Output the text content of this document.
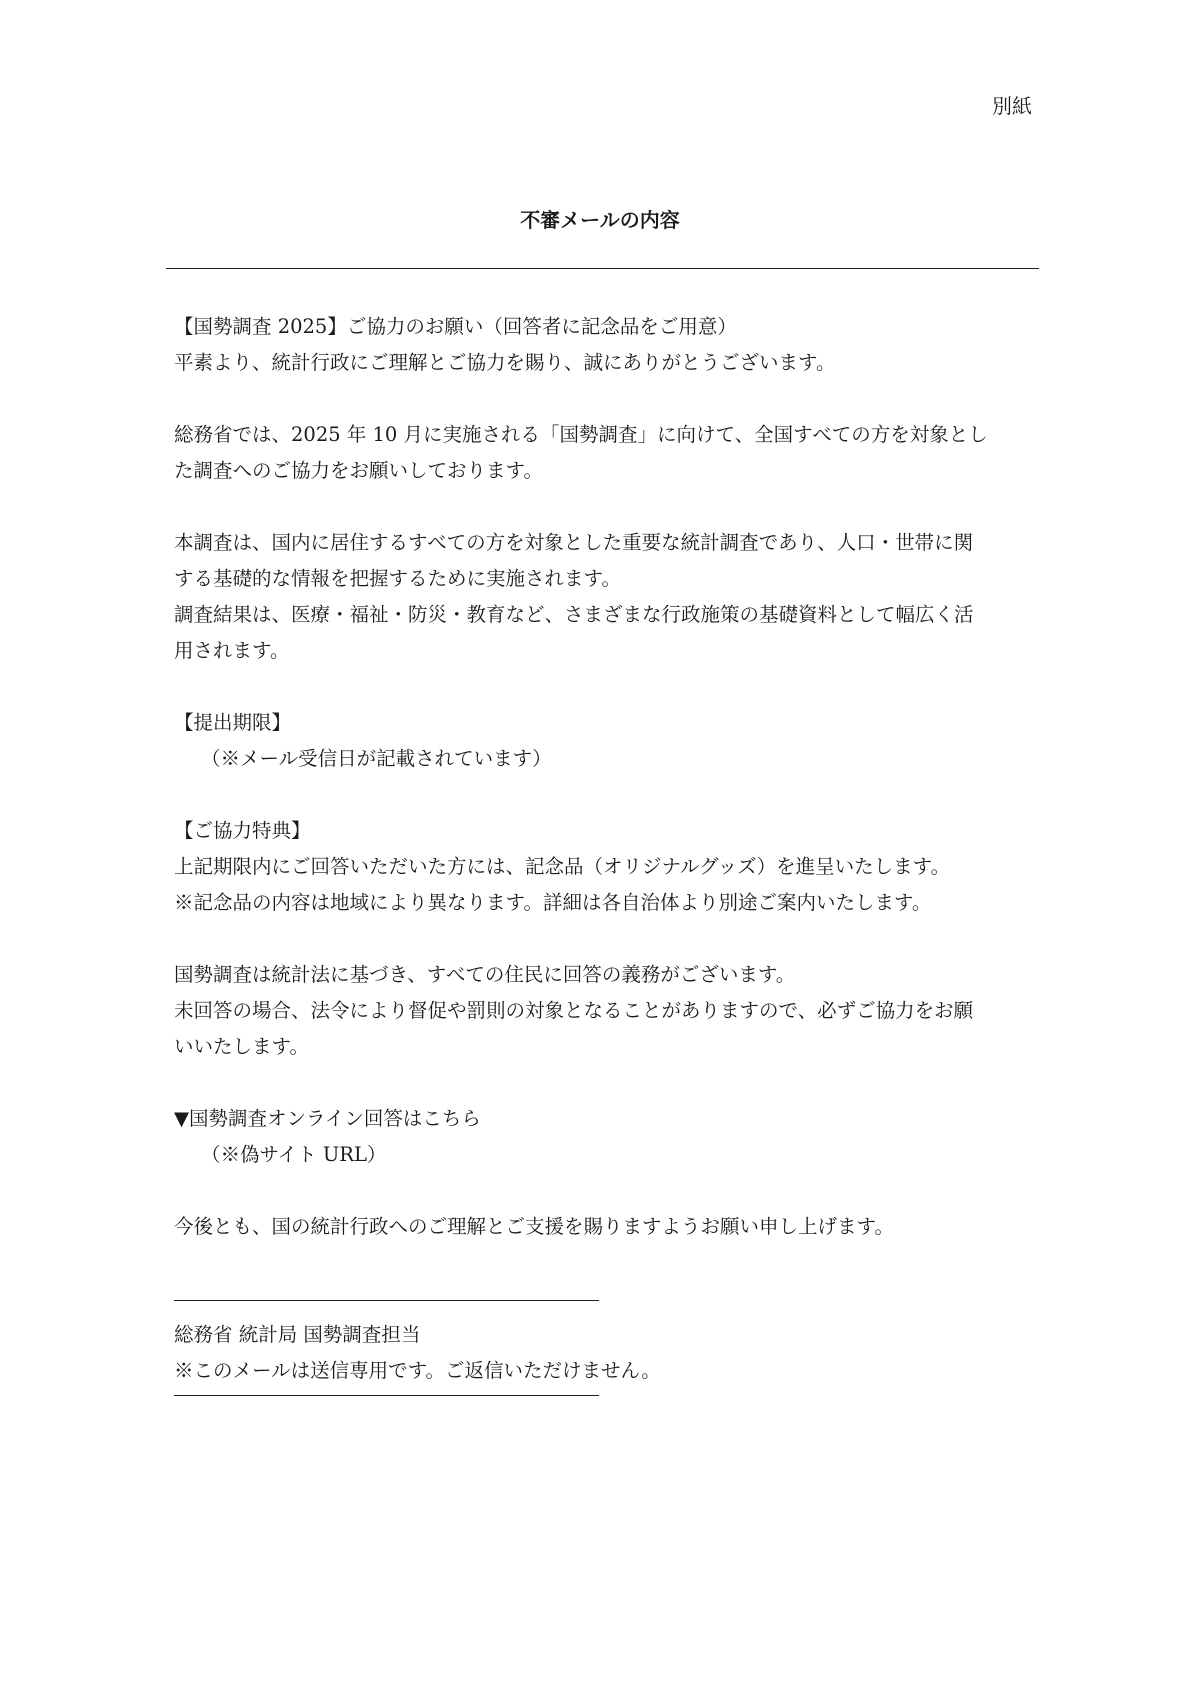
別紙
不審メールの内容
【国勢調査 2025】ご協力のお願い（回答者に記念品をご用意）
平素より、統計行政にご理解とご協力を賜り、誠にありがとうございます。
総務省では、2025 年 10 月に実施される「国勢調査」に向けて、全国すべての方を対象とし
た調査へのご協力をお願いしております。
本調査は、国内に居住するすべての方を対象とした重要な統計調査であり、人口・世帯に関
する基礎的な情報を把握するために実施されます。
調査結果は、医療・福祉・防災・教育など、さまざまな行政施策の基礎資料として幅広く活
用されます。
【提出期限】
（※メール受信日が記載されています）
【ご協力特典】
上記期限内にご回答いただいた方には、記念品（オリジナルグッズ）を進呈いたします。
※記念品の内容は地域により異なります。詳細は各自治体より別途ご案内いたします。
国勢調査は統計法に基づき、すべての住民に回答の義務がございます。
未回答の場合、法令により督促や罰則の対象となることがありますので、必ずご協力をお願
いいたします。
▼国勢調査オンライン回答はこちら
（※偽サイト URL）
今後とも、国の統計行政へのご理解とご支援を賜りますようお願い申し上げます。
総務省 統計局 国勢調査担当
※このメールは送信専用です。ご返信いただけません。
